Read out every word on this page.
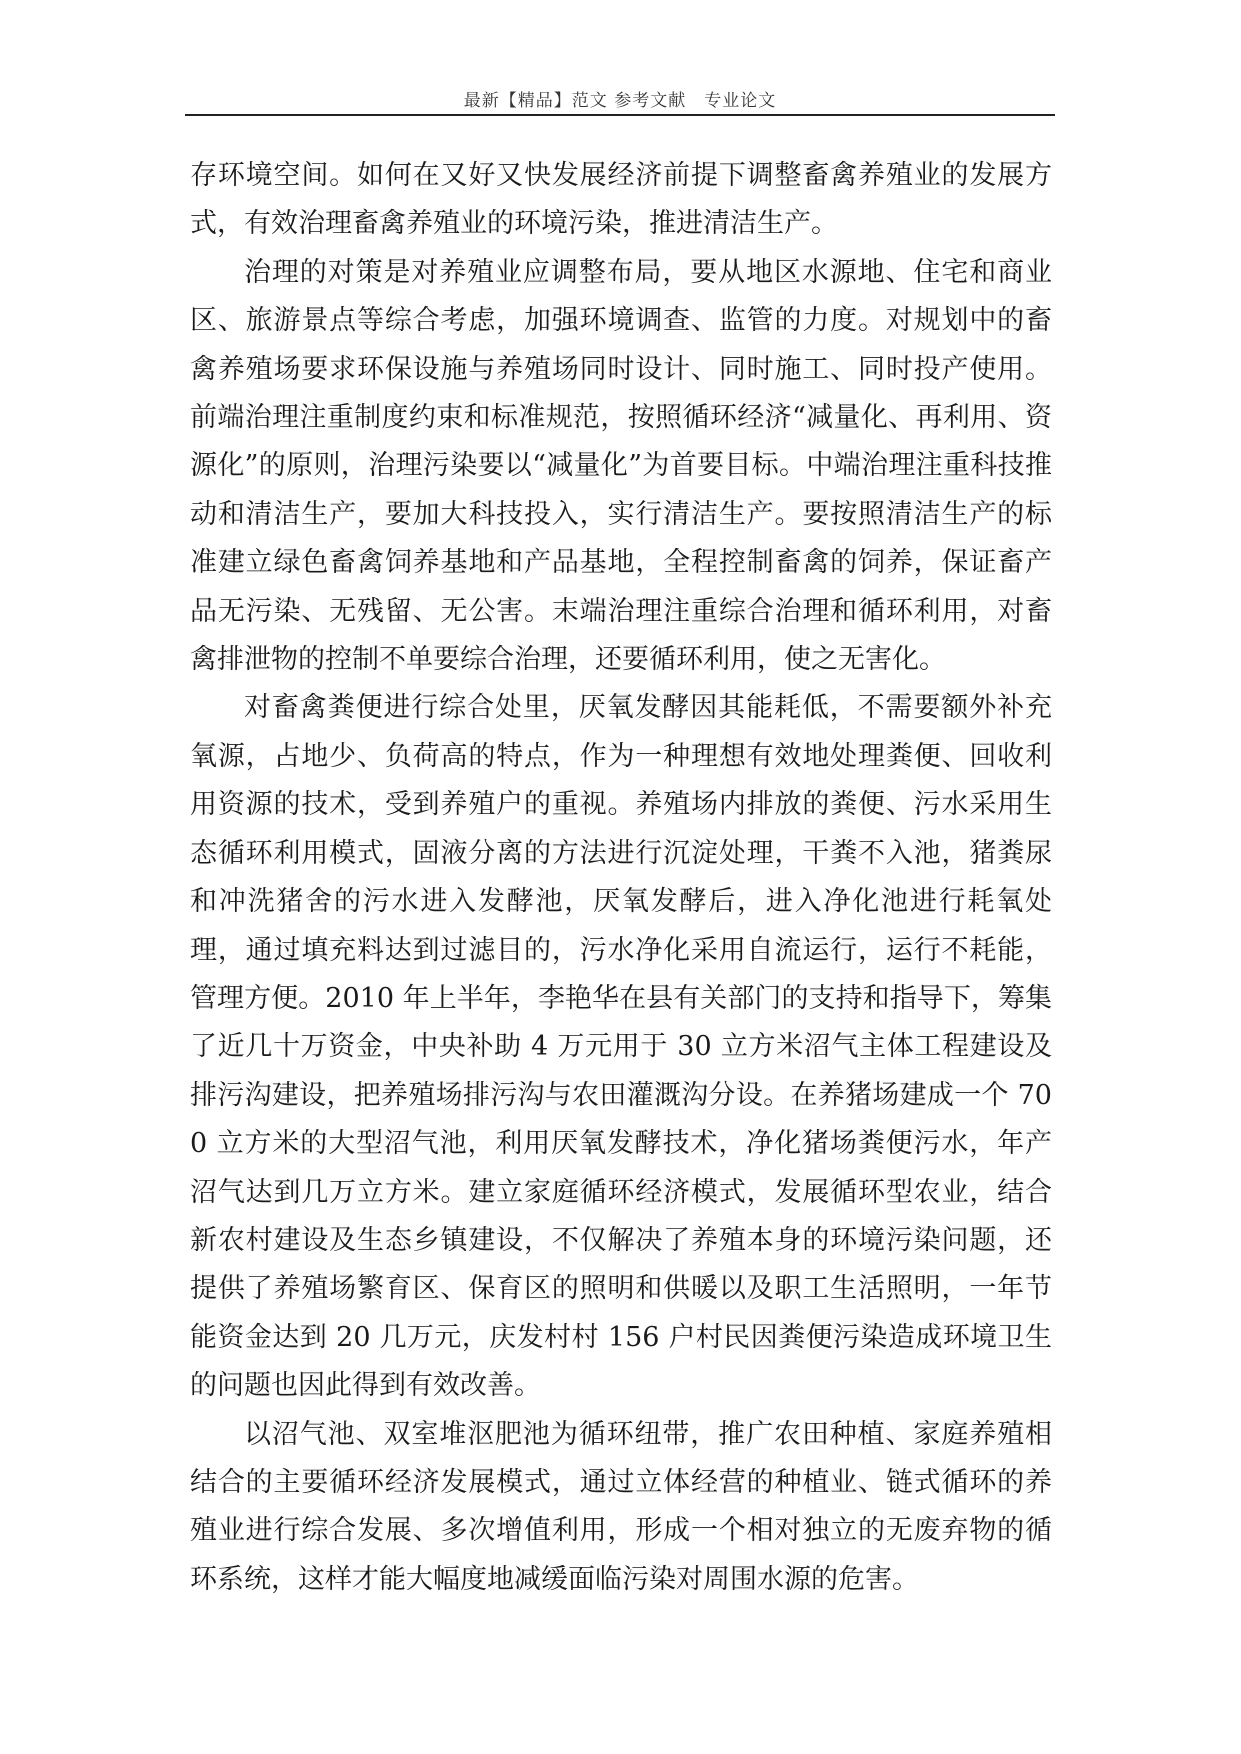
最新【精品】范文 参考文献　专业论文

存环境空间。如何在又好又快发展经济前提下调整畜禽养殖业的发展方式，有效治理畜禽养殖业的环境污染，推进清洁生产。

治理的对策是对养殖业应调整布局，要从地区水源地、住宅和商业区、旅游景点等综合考虑，加强环境调查、监管的力度。对规划中的畜禽养殖场要求环保设施与养殖场同时设计、同时施工、同时投产使用。前端治理注重制度约束和标准规范，按照循环经济“减量化、再利用、资源化”的原则，治理污染要以“减量化”为首要目标。中端治理注重科技推动和清洁生产，要加大科技投入，实行清洁生产。要按照清洁生产的标准建立绿色畜禽饲养基地和产品基地，全程控制畜禽的饲养，保证畜产品无污染、无残留、无公害。末端治理注重综合治理和循环利用，对畜禽排泄物的控制不单要综合治理，还要循环利用，使之无害化。

对畜禽粪便进行综合处里，厌氧发酵因其能耗低，不需要额外补充氧源，占地少、负荷高的特点，作为一种理想有效地处理粪便、回收利用资源的技术，受到养殖户的重视。养殖场内排放的粪便、污水采用生态循环利用模式，固液分离的方法进行沉淀处理，干粪不入池，猪粪尿和冲洗猪舍的污水进入发酵池，厌氧发酵后，进入净化池进行耗氧处理，通过填充料达到过滤目的，污水净化采用自流运行，运行不耗能，管理方便。2010 年上半年，李艳华在县有关部门的支持和指导下，筹集了近几十万资金，中央补助 4 万元用于 30 立方米沼气主体工程建设及排污沟建设，把养殖场排污沟与农田灌溉沟分设。在养猪场建成一个 700 立方米的大型沼气池，利用厌氧发酵技术，净化猪场粪便污水，年产沼气达到几万立方米。建立家庭循环经济模式，发展循环型农业，结合新农村建设及生态乡镇建设，不仅解决了养殖本身的环境污染问题，还提供了养殖场繁育区、保育区的照明和供暖以及职工生活照明，一年节能资金达到 20 几万元，庆发村村 156 户村民因粪便污染造成环境卫生的问题也因此得到有效改善。

以沼气池、双室堆沤肥池为循环纽带，推广农田种植、家庭养殖相结合的主要循环经济发展模式，通过立体经营的种植业、链式循环的养殖业进行综合发展、多次增值利用，形成一个相对独立的无废弃物的循环系统，这样才能大幅度地减缓面临污染对周围水源的危害。
